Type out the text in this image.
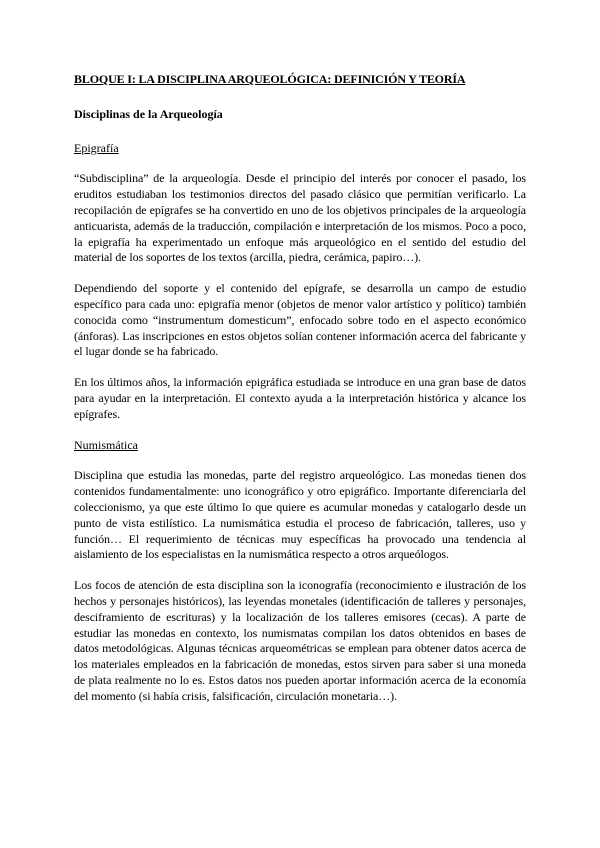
BLOQUE I: LA DISCIPLINA ARQUEOLÓGICA: DEFINICIÓN Y TEORÍA
Disciplinas de la Arqueología
Epigrafía

“Subdisciplina” de la arqueología. Desde el principio del interés por conocer el pasado, los eruditos estudiaban los testimonios directos del pasado clásico que permitían verificarlo. La recopilación de epígrafes se ha convertido en uno de los objetivos principales de la arqueología anticuarista, además de la traducción, compilación e interpretación de los mismos. Poco a poco, la epigrafía ha experimentado un enfoque más arqueológico en el sentido del estudio del material de los soportes de los textos (arcilla, piedra, cerámica, papiro…).

Dependiendo del soporte y el contenido del epígrafe, se desarrolla un campo de estudio específico para cada uno: epigrafía menor (objetos de menor valor artístico y político) también conocida como “instrumentum domesticum”, enfocado sobre todo en el aspecto económico (ánforas). Las inscripciones en estos objetos solían contener información acerca del fabricante y el lugar donde se ha fabricado.

En los últimos años, la información epigráfica estudiada se introduce en una gran base de datos para ayudar en la interpretación. El contexto ayuda a la interpretación histórica y alcance los epígrafes.

Numismática

Disciplina que estudia las monedas, parte del registro arqueológico. Las monedas tienen dos contenidos fundamentalmente: uno iconográfico y otro epigráfico. Importante diferenciarla del coleccionismo, ya que este último lo que quiere es acumular monedas y catalogarlo desde un punto de vista estilístico. La numismática estudia el proceso de fabricación, talleres, uso y función… El requerimiento de técnicas muy específicas ha provocado una tendencia al aislamiento de los especialistas en la numismática respecto a otros arqueólogos.

Los focos de atención de esta disciplina son la iconografía (reconocimiento e ilustración de los hechos y personajes históricos), las leyendas monetales (identificación de talleres y personajes, desciframiento de escrituras) y la localización de los talleres emisores (cecas). A parte de estudiar las monedas en contexto, los numismatas compilan los datos obtenidos en bases de datos metodológicas. Algunas técnicas arqueométricas se emplean para obtener datos acerca de los materiales empleados en la fabricación de monedas, estos sirven para saber si una moneda de plata realmente no lo es. Estos datos nos pueden aportar información acerca de la economía del momento (si había crisis, falsificación, circulación monetaria…).
